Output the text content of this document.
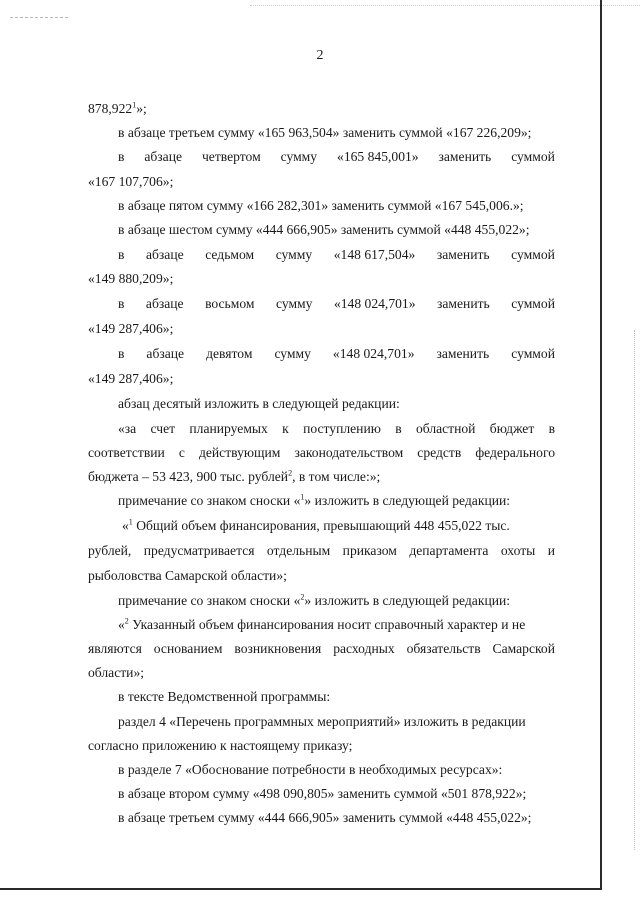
2
878,922$^1$»;
в абзаце третьем сумму «165 963,504» заменить суммой «167 226,209»;
в абзаце четвертом сумму «165 845,001» заменить суммой
«167 107,706»;
в абзаце пятом сумму «166 282,301» заменить суммой «167 545,006.»;
в абзаце шестом сумму «444 666,905» заменить суммой «448 455,022»;
в абзаце седьмом сумму «148 617,504» заменить суммой
«149 880,209»;
в абзаце восьмом сумму «148 024,701» заменить суммой
«149 287,406»;
в абзаце девятом сумму «148 024,701» заменить суммой
«149 287,406»;
абзац десятый изложить в следующей редакции:
«за счет планируемых к поступлению в областной бюджет в
соответствии с действующим законодательством средств федерального
бюджета – 53 423, 900 тыс. рублей$^2$, в том числе:»;
примечание со знаком сноски «$^1$» изложить в следующей редакции:
«$^1$ Общий объем финансирования, превышающий 448 455,022 тыс.
рублей, предусматривается отдельным приказом департамента охоты и
рыболовства Самарской области»;
примечание со знаком сноски «$^2$» изложить в следующей редакции:
«$^2$ Указанный объем финансирования носит справочный характер и не
являются основанием возникновения расходных обязательств Самарской
области»;
в тексте Ведомственной программы:
раздел 4 «Перечень программных мероприятий» изложить в редакции
согласно приложению к настоящему приказу;
в разделе 7 «Обоснование потребности в необходимых ресурсах»:
в абзаце втором сумму «498 090,805» заменить суммой «501 878,922»;
в абзаце третьем сумму «444 666,905» заменить суммой «448 455,022»;
